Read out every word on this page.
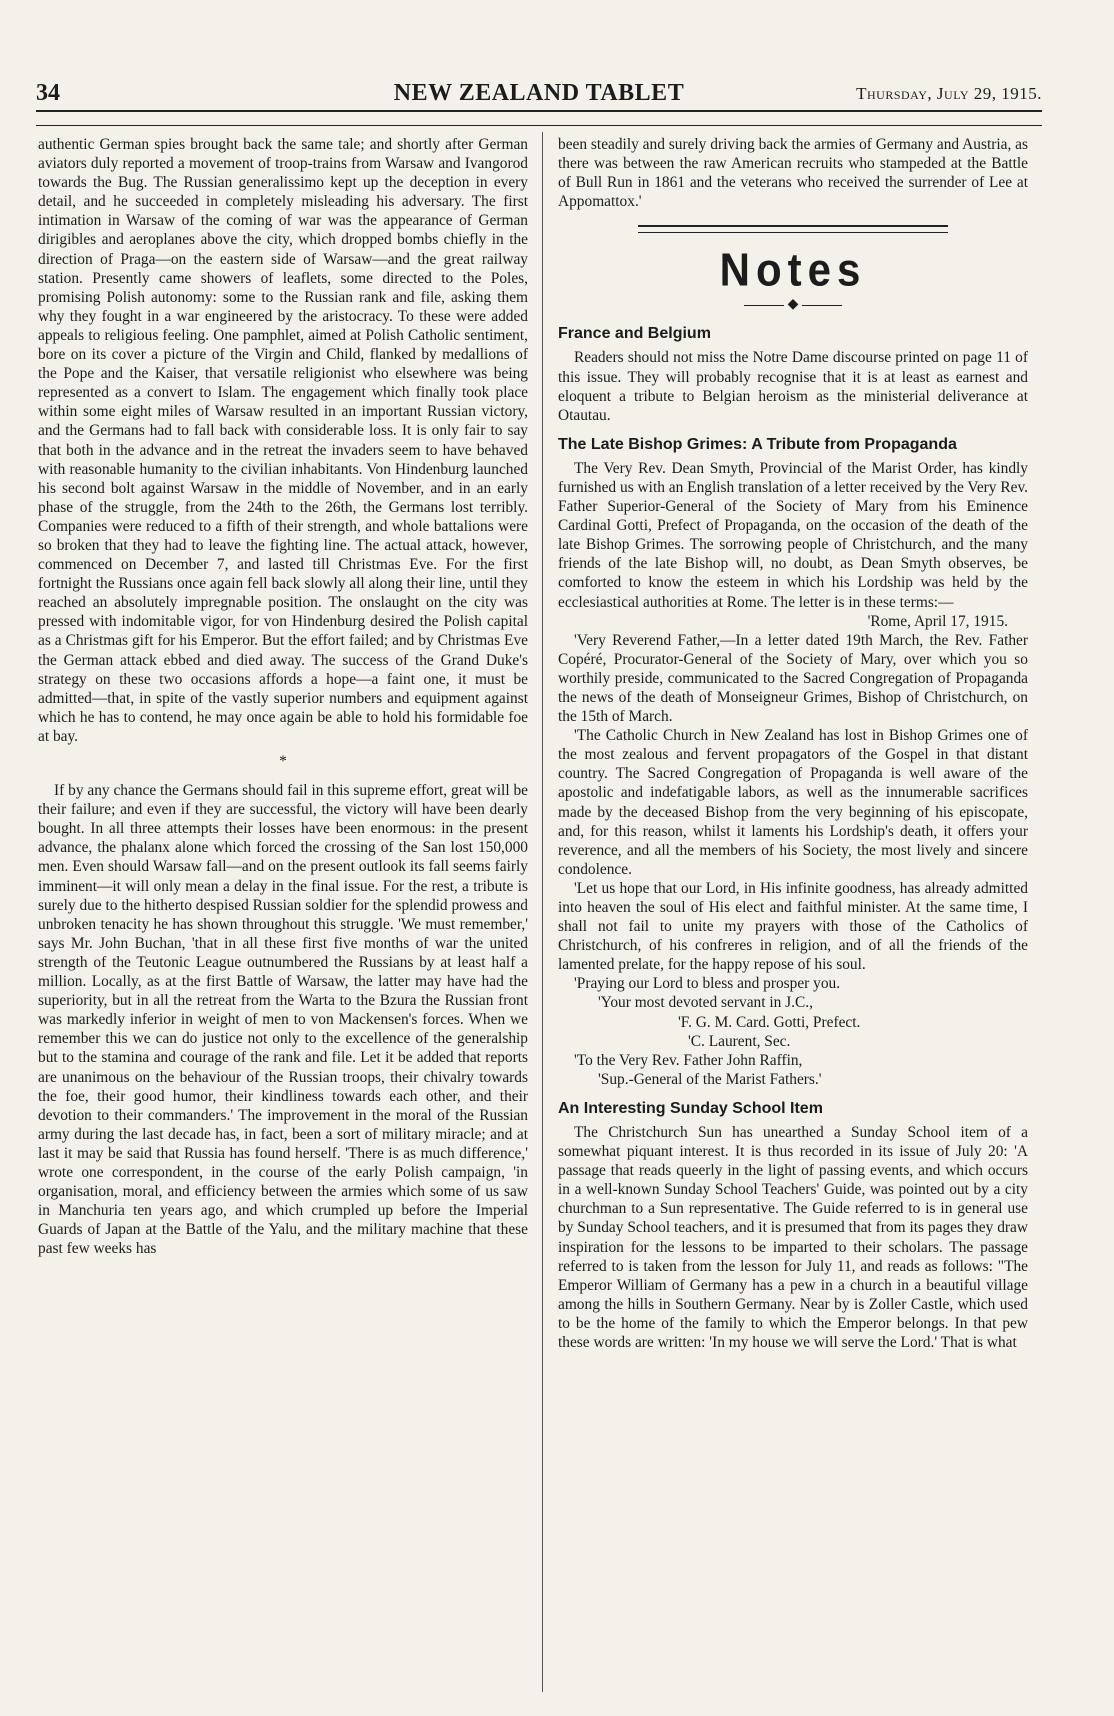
NEW ZEALAND TABLET
34	Thursday, July 29, 1915.

authentic German spies brought back the same tale; and shortly after German aviators duly reported a movement of troop-trains from Warsaw and Ivangorod towards the Bug. The Russian generalissimo kept up the deception in every detail, and he succeeded in completely misleading his adversary. The first intimation in Warsaw of the coming of war was the appearance of German dirigibles and aeroplanes above the city, which dropped bombs chiefly in the direction of Praga—on the eastern side of Warsaw—and the great railway station. Presently came showers of leaflets, some directed to the Poles, promising Polish autonomy: some to the Russian rank and file, asking them why they fought in a war engineered by the aristocracy. To these were added appeals to religious feeling. One pamphlet, aimed at Polish Catholic sentiment, bore on its cover a picture of the Virgin and Child, flanked by medallions of the Pope and the Kaiser, that versatile religionist who elsewhere was being represented as a convert to Islam. The engagement which finally took place within some eight miles of Warsaw resulted in an important Russian victory, and the Germans had to fall back with considerable loss. It is only fair to say that both in the advance and in the retreat the invaders seem to have behaved with reasonable humanity to the civilian inhabitants. Von Hindenburg launched his second bolt against Warsaw in the middle of November, and in an early phase of the struggle, from the 24th to the 26th, the Germans lost terribly. Companies were reduced to a fifth of their strength, and whole battalions were so broken that they had to leave the fighting line. The actual attack, however, commenced on December 7, and lasted till Christmas Eve. For the first fortnight the Russians once again fell back slowly all along their line, until they reached an absolutely impregnable position. The onslaught on the city was pressed with indomitable vigor, for von Hindenburg desired the Polish capital as a Christmas gift for his Emperor. But the effort failed; and by Christmas Eve the German attack ebbed and died away. The success of the Grand Duke's strategy on these two occasions affords a hope—a faint one, it must be admitted—that, in spite of the vastly superior numbers and equipment against which he has to contend, he may once again be able to hold his formidable foe at bay.

*

If by any chance the Germans should fail in this supreme effort, great will be their failure; and even if they are successful, the victory will have been dearly bought. In all three attempts their losses have been enormous: in the present advance, the phalanx alone which forced the crossing of the San lost 150,000 men. Even should Warsaw fall—and on the present outlook its fall seems fairly imminent—it will only mean a delay in the final issue. For the rest, a tribute is surely due to the hitherto despised Russian soldier for the splendid prowess and unbroken tenacity he has shown throughout this struggle. 'We must remember,' says Mr. John Buchan, 'that in all these first five months of war the united strength of the Teutonic League outnumbered the Russians by at least half a million. Locally, as at the first Battle of Warsaw, the latter may have had the superiority, but in all the retreat from the Warta to the Bzura the Russian front was markedly inferior in weight of men to von Mackensen's forces. When we remember this we can do justice not only to the excellence of the generalship but to the stamina and courage of the rank and file. Let it be added that reports are unanimous on the behaviour of the Russian troops, their chivalry towards the foe, their good humor, their kindliness towards each other, and their devotion to their commanders.' The improvement in the moral of the Russian army during the last decade has, in fact, been a sort of military miracle; and at last it may be said that Russia has found herself. 'There is as much difference,' wrote one correspondent, in the course of the early Polish campaign, 'in organisation, moral, and efficiency between the armies which some of us saw in Manchuria ten years ago, and which crumpled up before the Imperial Guards of Japan at the Battle of the Yalu, and the military machine that these past few weeks has

been steadily and surely driving back the armies of Germany and Austria, as there was between the raw American recruits who stampeded at the Battle of Bull Run in 1861 and the veterans who received the surrender of Lee at Appomattox.'

Notes
◆
France and Belgium

Readers should not miss the Notre Dame discourse printed on page 11 of this issue. They will probably recognise that it is at least as earnest and eloquent a tribute to Belgian heroism as the ministerial deliverance at Otautau.

The Late Bishop Grimes: A Tribute from Propaganda

The Very Rev. Dean Smyth, Provincial of the Marist Order, has kindly furnished us with an English translation of a letter received by the Very Rev. Father Superior-General of the Society of Mary from his Eminence Cardinal Gotti, Prefect of Propaganda, on the occasion of the death of the late Bishop Grimes. The sorrowing people of Christchurch, and the many friends of the late Bishop will, no doubt, as Dean Smyth observes, be comforted to know the esteem in which his Lordship was held by the ecclesiastical authorities at Rome. The letter is in these terms:—

'Rome, April 17, 1915.

'Very Reverend Father,—In a letter dated 19th March, the Rev. Father Copéré, Procurator-General of the Society of Mary, over which you so worthily preside, communicated to the Sacred Congregation of Propaganda the news of the death of Monseigneur Grimes, Bishop of Christchurch, on the 15th of March.

'The Catholic Church in New Zealand has lost in Bishop Grimes one of the most zealous and fervent propagators of the Gospel in that distant country. The Sacred Congregation of Propaganda is well aware of the apostolic and indefatigable labors, as well as the innumerable sacrifices made by the deceased Bishop from the very beginning of his episcopate, and, for this reason, whilst it laments his Lordship's death, it offers your reverence, and all the members of his Society, the most lively and sincere condolence.

'Let us hope that our Lord, in His infinite goodness, has already admitted into heaven the soul of His elect and faithful minister. At the same time, I shall not fail to unite my prayers with those of the Catholics of Christchurch, of his confreres in religion, and of all the friends of the lamented prelate, for the happy repose of his soul.

'Praying our Lord to bless and prosper you.

'Your most devoted servant in J.C.,

'F. G. M. Card. Gotti, Prefect.

'C. Laurent, Sec.

'To the Very Rev. Father John Raffin,

'Sup.-General of the Marist Fathers.'

An Interesting Sunday School Item

The Christchurch Sun has unearthed a Sunday School item of a somewhat piquant interest. It is thus recorded in its issue of July 20: 'A passage that reads queerly in the light of passing events, and which occurs in a well-known Sunday School Teachers' Guide, was pointed out by a city churchman to a Sun representative. The Guide referred to is in general use by Sunday School teachers, and it is presumed that from its pages they draw inspiration for the lessons to be imparted to their scholars. The passage referred to is taken from the lesson for July 11, and reads as follows: "The Emperor William of Germany has a pew in a church in a beautiful village among the hills in Southern Germany. Near by is Zoller Castle, which used to be the home of the family to which the Emperor belongs. In that pew these words are written: 'In my house we will serve the Lord.' That is what
